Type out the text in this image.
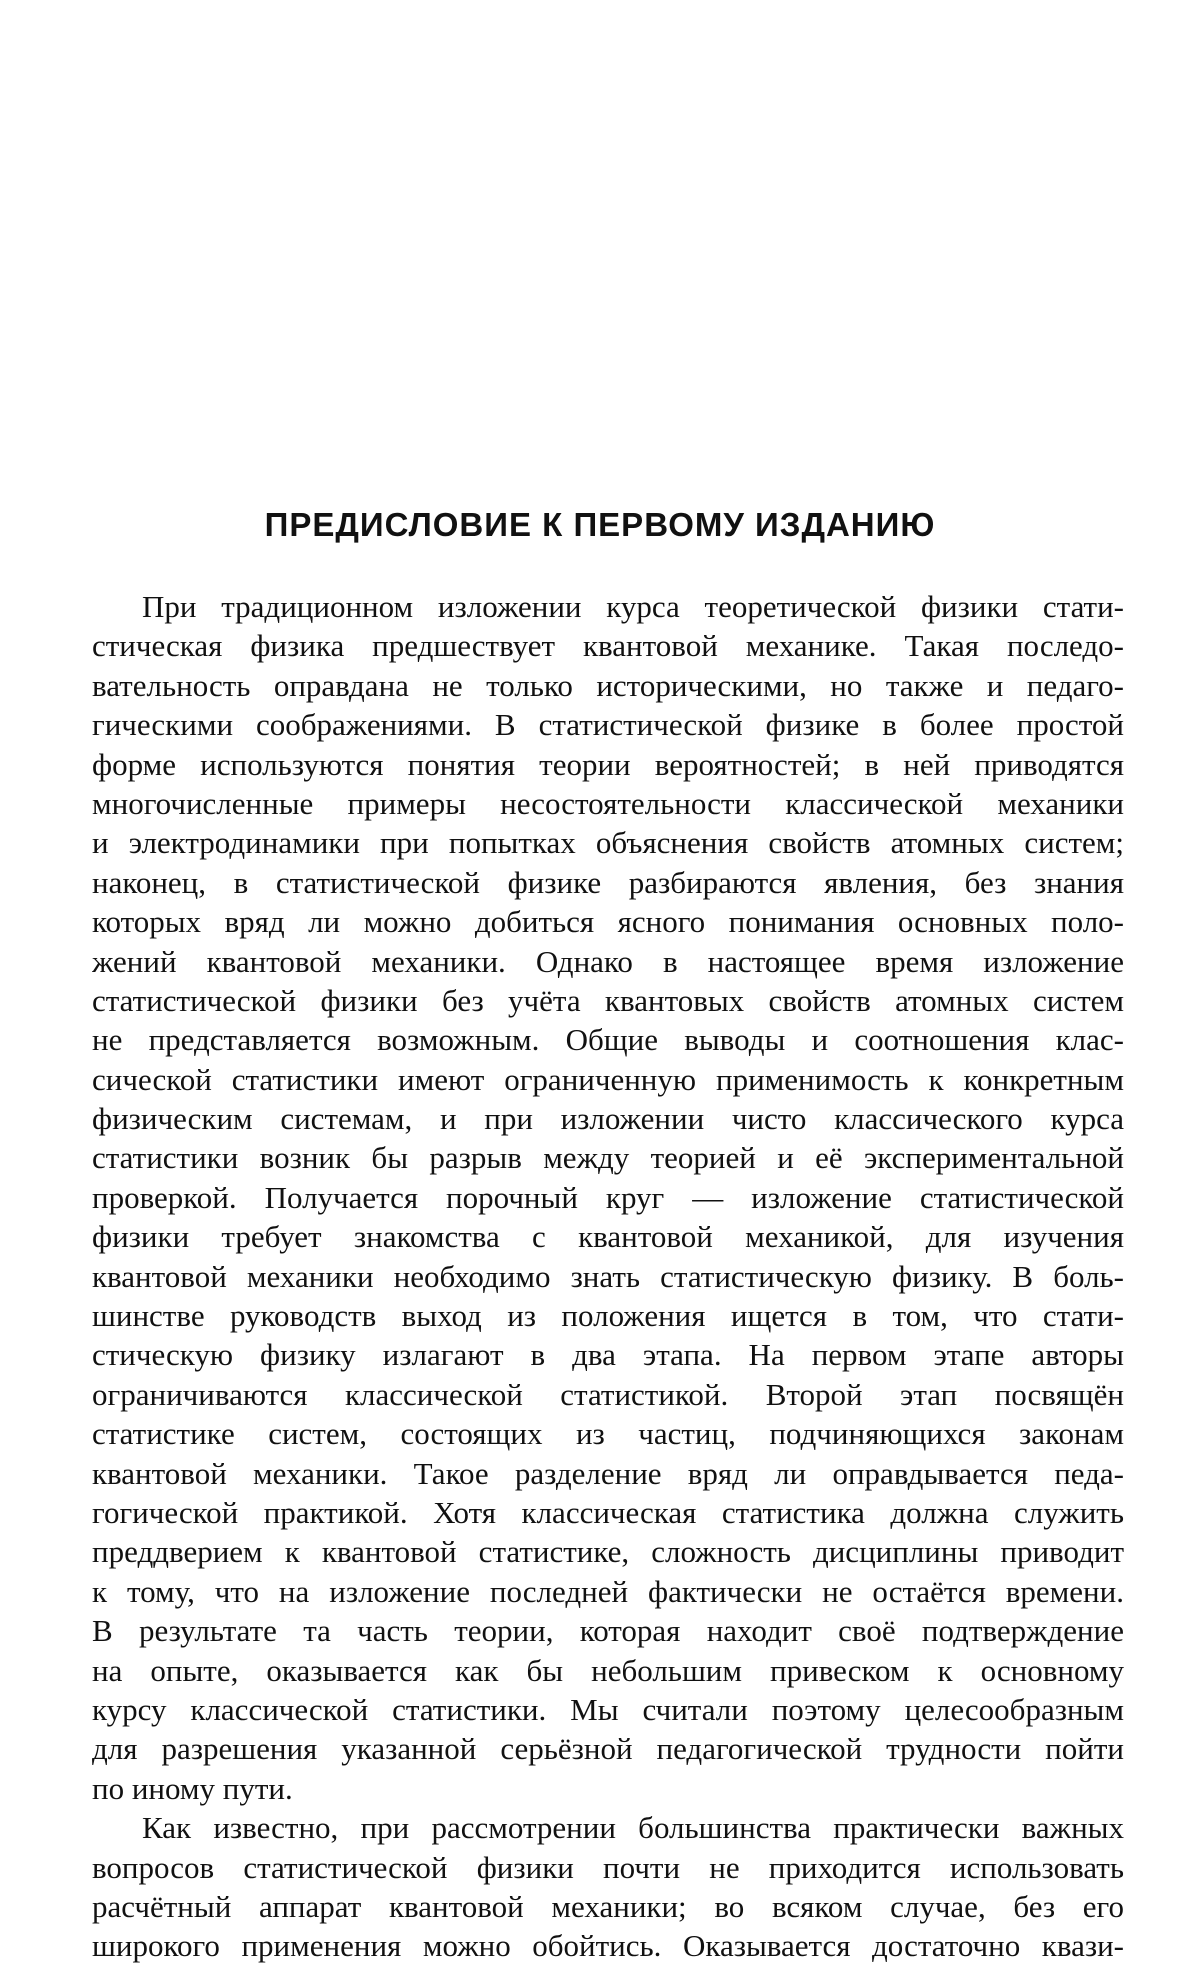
ПРЕДИСЛОВИЕ К ПЕРВОМУ ИЗДАНИЮ
При традиционном изложении курса теоретической физики стати-
стическая физика предшествует квантовой механике. Такая последо-
вательность оправдана не только историческими, но также и педаго-
гическими соображениями. В статистической физике в более простой
форме используются понятия теории вероятностей; в ней приводятся
многочисленные примеры несостоятельности классической механики
и электродинамики при попытках объяснения свойств атомных систем;
наконец, в статистической физике разбираются явления, без знания
которых вряд ли можно добиться ясного понимания основных поло-
жений квантовой механики. Однако в настоящее время изложение
статистической физики без учёта квантовых свойств атомных систем
не представляется возможным. Общие выводы и соотношения клас-
сической статистики имеют ограниченную применимость к конкретным
физическим системам, и при изложении чисто классического курса
статистики возник бы разрыв между теорией и её экспериментальной
проверкой. Получается порочный круг — изложение статистической
физики требует знакомства с квантовой механикой, для изучения
квантовой механики необходимо знать статистическую физику. В боль-
шинстве руководств выход из положения ищется в том, что стати-
стическую физику излагают в два этапа. На первом этапе авторы
ограничиваются классической статистикой. Второй этап посвящён
статистике систем, состоящих из частиц, подчиняющихся законам
квантовой механики. Такое разделение вряд ли оправдывается педа-
гогической практикой. Хотя классическая статистика должна служить
преддверием к квантовой статистике, сложность дисциплины приводит
к тому, что на изложение последней фактически не остаётся времени.
В результате та часть теории, которая находит своё подтверждение
на опыте, оказывается как бы небольшим привеском к основному
курсу классической статистики. Мы считали поэтому целесообразным
для разрешения указанной серьёзной педагогической трудности пойти
по иному пути.
Как известно, при рассмотрении большинства практически важных
вопросов статистической физики почти не приходится использовать
расчётный аппарат квантовой механики; во всяком случае, без его
широкого применения можно обойтись. Оказывается достаточно квази-
